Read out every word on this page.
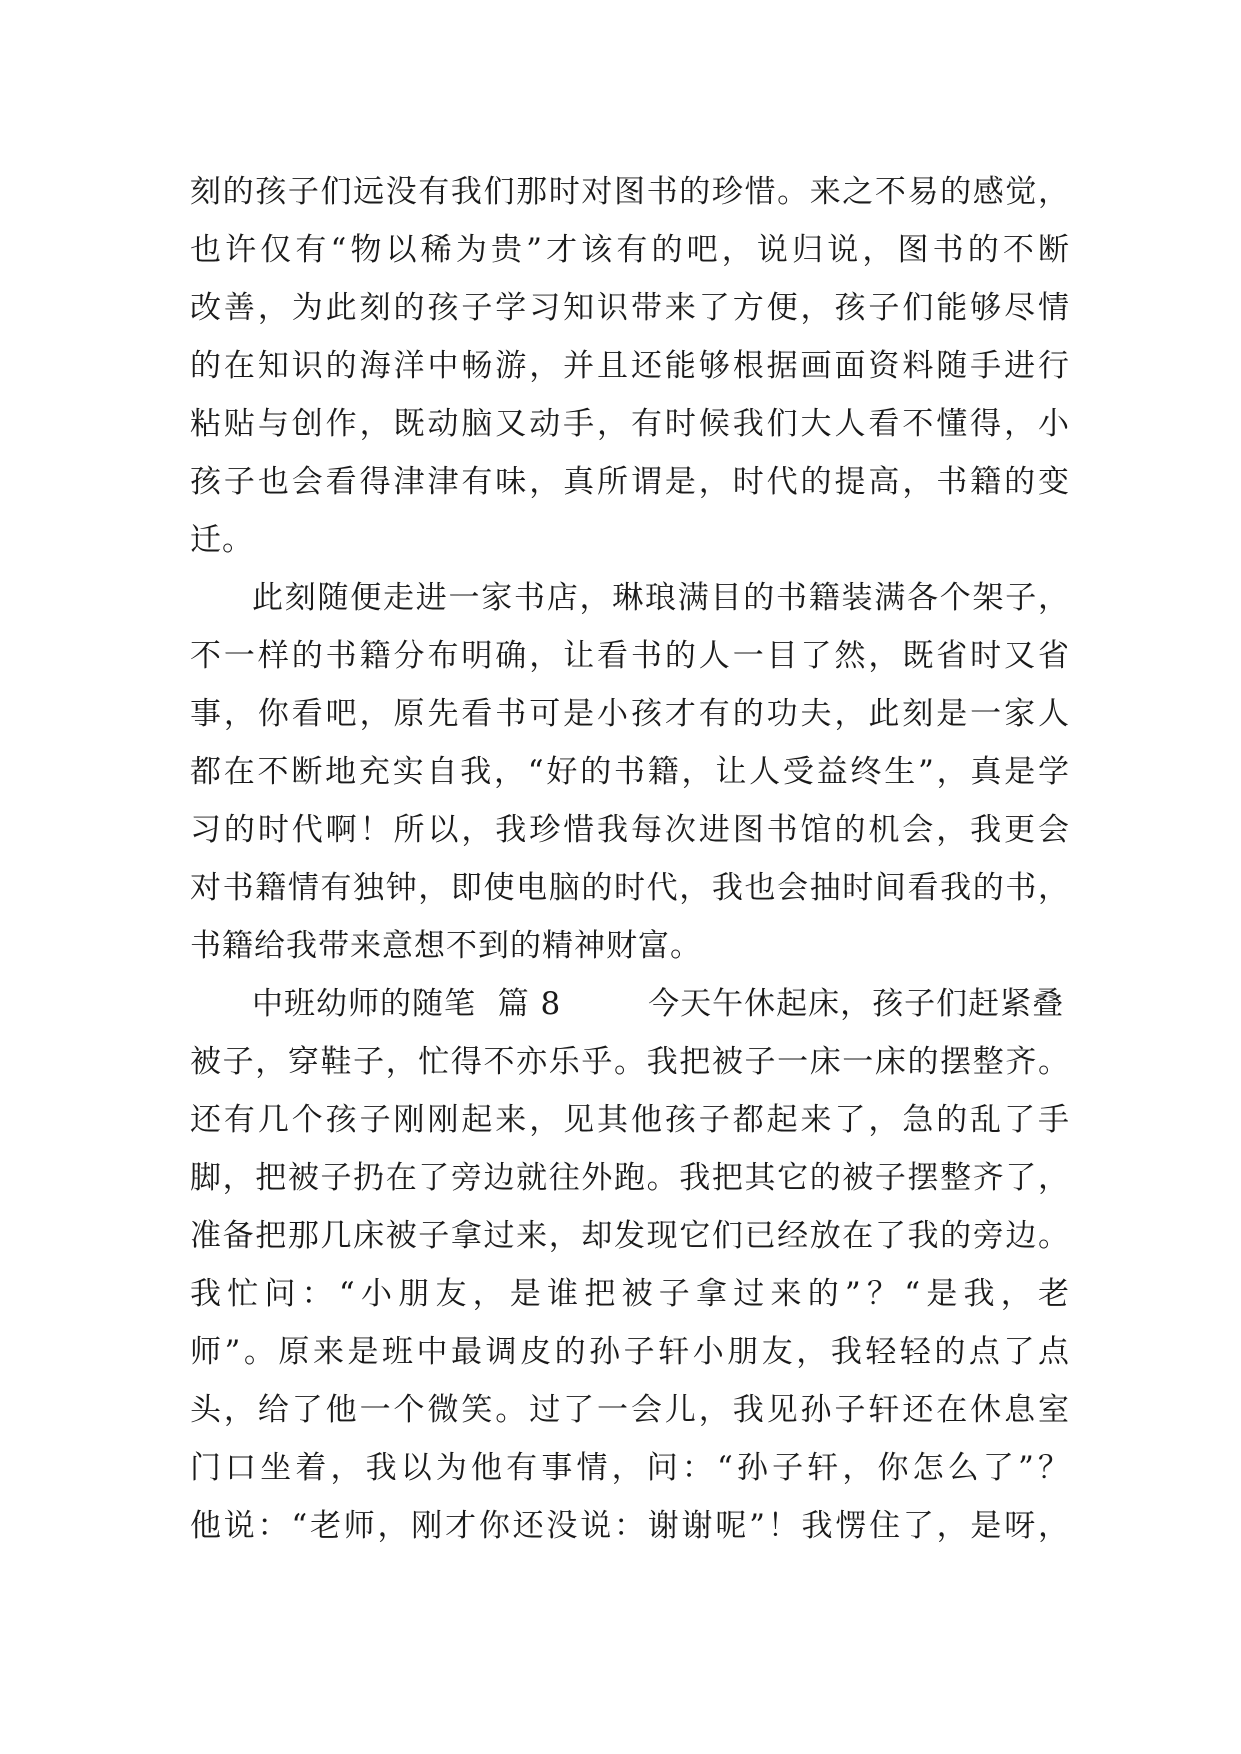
刻的孩子们远没有我们那时对图书的珍惜。来之不易的感觉，
也许仅有“物以稀为贵”才该有的吧，说归说，图书的不断
改善，为此刻的孩子学习知识带来了方便，孩子们能够尽情
的在知识的海洋中畅游，并且还能够根据画面资料随手进行
粘贴与创作，既动脑又动手，有时候我们大人看不懂得，小
孩子也会看得津津有味，真所谓是，时代的提高，书籍的变
迁。
此刻随便走进一家书店，琳琅满目的书籍装满各个架子，
不一样的书籍分布明确，让看书的人一目了然，既省时又省
事，你看吧，原先看书可是小孩才有的功夫，此刻是一家人
都在不断地充实自我，“好的书籍，让人受益终生”，真是学
习的时代啊！所以，我珍惜我每次进图书馆的机会，我更会
对书籍情有独钟，即使电脑的时代，我也会抽时间看我的书，
书籍给我带来意想不到的精神财富。
中班幼师的随笔  篇 8        今天午休起床，孩子们赶紧叠
被子，穿鞋子，忙得不亦乐乎。我把被子一床一床的摆整齐。
还有几个孩子刚刚起来，见其他孩子都起来了，急的乱了手
脚，把被子扔在了旁边就往外跑。我把其它的被子摆整齐了，
准备把那几床被子拿过来，却发现它们已经放在了我的旁边。
我忙问：“小朋友，是谁把被子拿过来的”？“是我，老
师”。原来是班中最调皮的孙子轩小朋友，我轻轻的点了点
头，给了他一个微笑。过了一会儿，我见孙子轩还在休息室
门口坐着，我以为他有事情，问：“孙子轩，你怎么了”？
他说：“老师，刚才你还没说：谢谢呢”！我愣住了，是呀，
